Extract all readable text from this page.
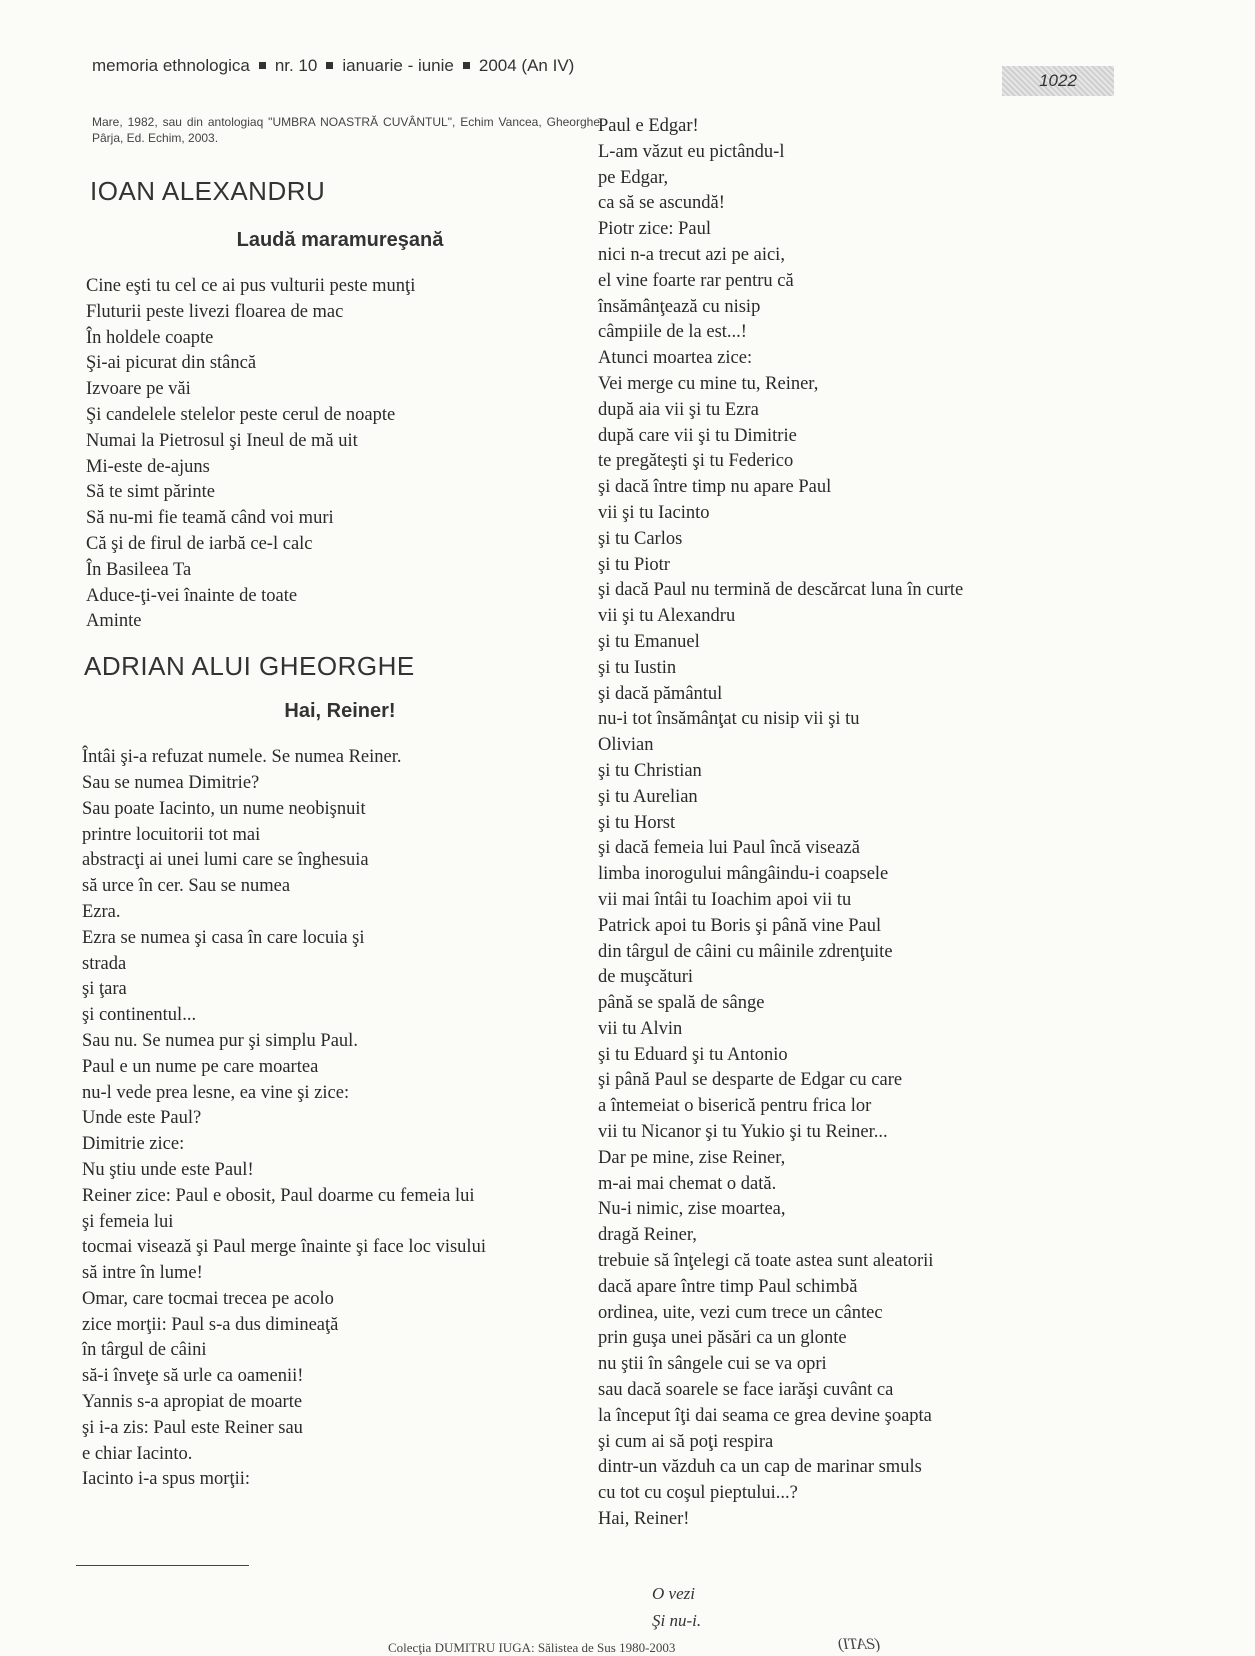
memoria ethnologica nr. 10 ianuarie - iunie 2004 (An IV)
1022
Mare, 1982, sau din antologiaq "UMBRA NOASTRĂ CUVÂNTUL", Echim Vancea, Gheorghe Pârja, Ed. Echim, 2003.
IOAN ALEXANDRU
Laudă maramureşană
Cine eşti tu cel ce ai pus vulturii peste munţi
Fluturii peste livezi floarea de mac
În holdele coapte
Şi-ai picurat din stâncă
Izvoare pe văi
Şi candelele stelelor peste cerul de noapte
Numai la Pietrosul şi Ineul de mă uit
Mi-este de-ajuns
Să te simt părinte
Să nu-mi fie teamă când voi muri
Că şi de firul de iarbă ce-l calc
În Basileea Ta
Aduce-ţi-vei înainte de toate
Aminte
ADRIAN ALUI GHEORGHE
Hai, Reiner!
Întâi şi-a refuzat numele. Se numea Reiner.
Sau se numea Dimitrie?
Sau poate Iacinto, un nume neobişnuit
printre locuitorii tot mai
abstracţi ai unei lumi care se înghesuia
să urce în cer. Sau se numea
Ezra.
Ezra se numea şi casa în care locuia şi
strada
şi ţara
şi continentul...
Sau nu. Se numea pur şi simplu Paul.
Paul e un nume pe care moartea
nu-l vede prea lesne, ea vine şi zice:
Unde este Paul?
Dimitrie zice:
Nu ştiu unde este Paul!
Reiner zice: Paul e obosit, Paul doarme cu femeia lui
şi femeia lui
tocmai visează şi Paul merge înainte şi face loc visului
să intre în lume!
Omar, care tocmai trecea pe acolo
zice morţii: Paul s-a dus dimineaţă
în târgul de câini
să-i înveţe să urle ca oamenii!
Yannis s-a apropiat de moarte
şi i-a zis: Paul este Reiner sau
e chiar Iacinto.
Iacinto i-a spus morţii:
Paul e Edgar!
L-am văzut eu pictându-l
pe Edgar,
ca să se ascundă!
Piotr zice: Paul
nici n-a trecut azi pe aici,
el vine foarte rar pentru că
însămânţează cu nisip
câmpiile de la est...!
Atunci moartea zice:
Vei merge cu mine tu, Reiner,
după aia vii şi tu Ezra
după care vii şi tu Dimitrie
te pregăteşti şi tu Federico
şi dacă între timp nu apare Paul
vii şi tu Iacinto
şi tu Carlos
şi tu Piotr
şi dacă Paul nu termină de descărcat luna în curte
vii şi tu Alexandru
şi tu Emanuel
şi tu Iustin
şi dacă pământul
nu-i tot însămânţat cu nisip vii şi tu
Olivian
şi tu Christian
şi tu Aurelian
şi tu Horst
şi dacă femeia lui Paul încă visează
limba inorogului mângâindu-i coapsele
vii mai întâi tu Ioachim apoi vii tu
Patrick apoi tu Boris şi până vine Paul
din târgul de câini cu mâinile zdrenţuite
de muşcături
până se spală de sânge
vii tu Alvin
şi tu Eduard şi tu Antonio
şi până Paul se desparte de Edgar cu care
a întemeiat o biserică pentru frica lor
vii tu Nicanor şi tu Yukio şi tu Reiner...
Dar pe mine, zise Reiner,
m-ai mai chemat o dată.
Nu-i nimic, zise moartea,
dragă Reiner,
trebuie să înţelegi că toate astea sunt aleatorii
dacă apare între timp Paul schimbă
ordinea, uite, vezi cum trece un cântec
prin guşa unei păsări ca un glonte
nu ştii în sângele cui se va opri
sau dacă soarele se face iarăşi cuvânt ca
la început îţi dai seama ce grea devine şoapta
şi cum ai să poţi respira
dintr-un văzduh ca un cap de marinar smuls
cu tot cu coşul pieptului...?
Hai, Reiner!
O vezi
Şi nu-i.
Colecţia DUMITRU IUGA: Sălistea de Sus 1980-2003	(ƧATI)
